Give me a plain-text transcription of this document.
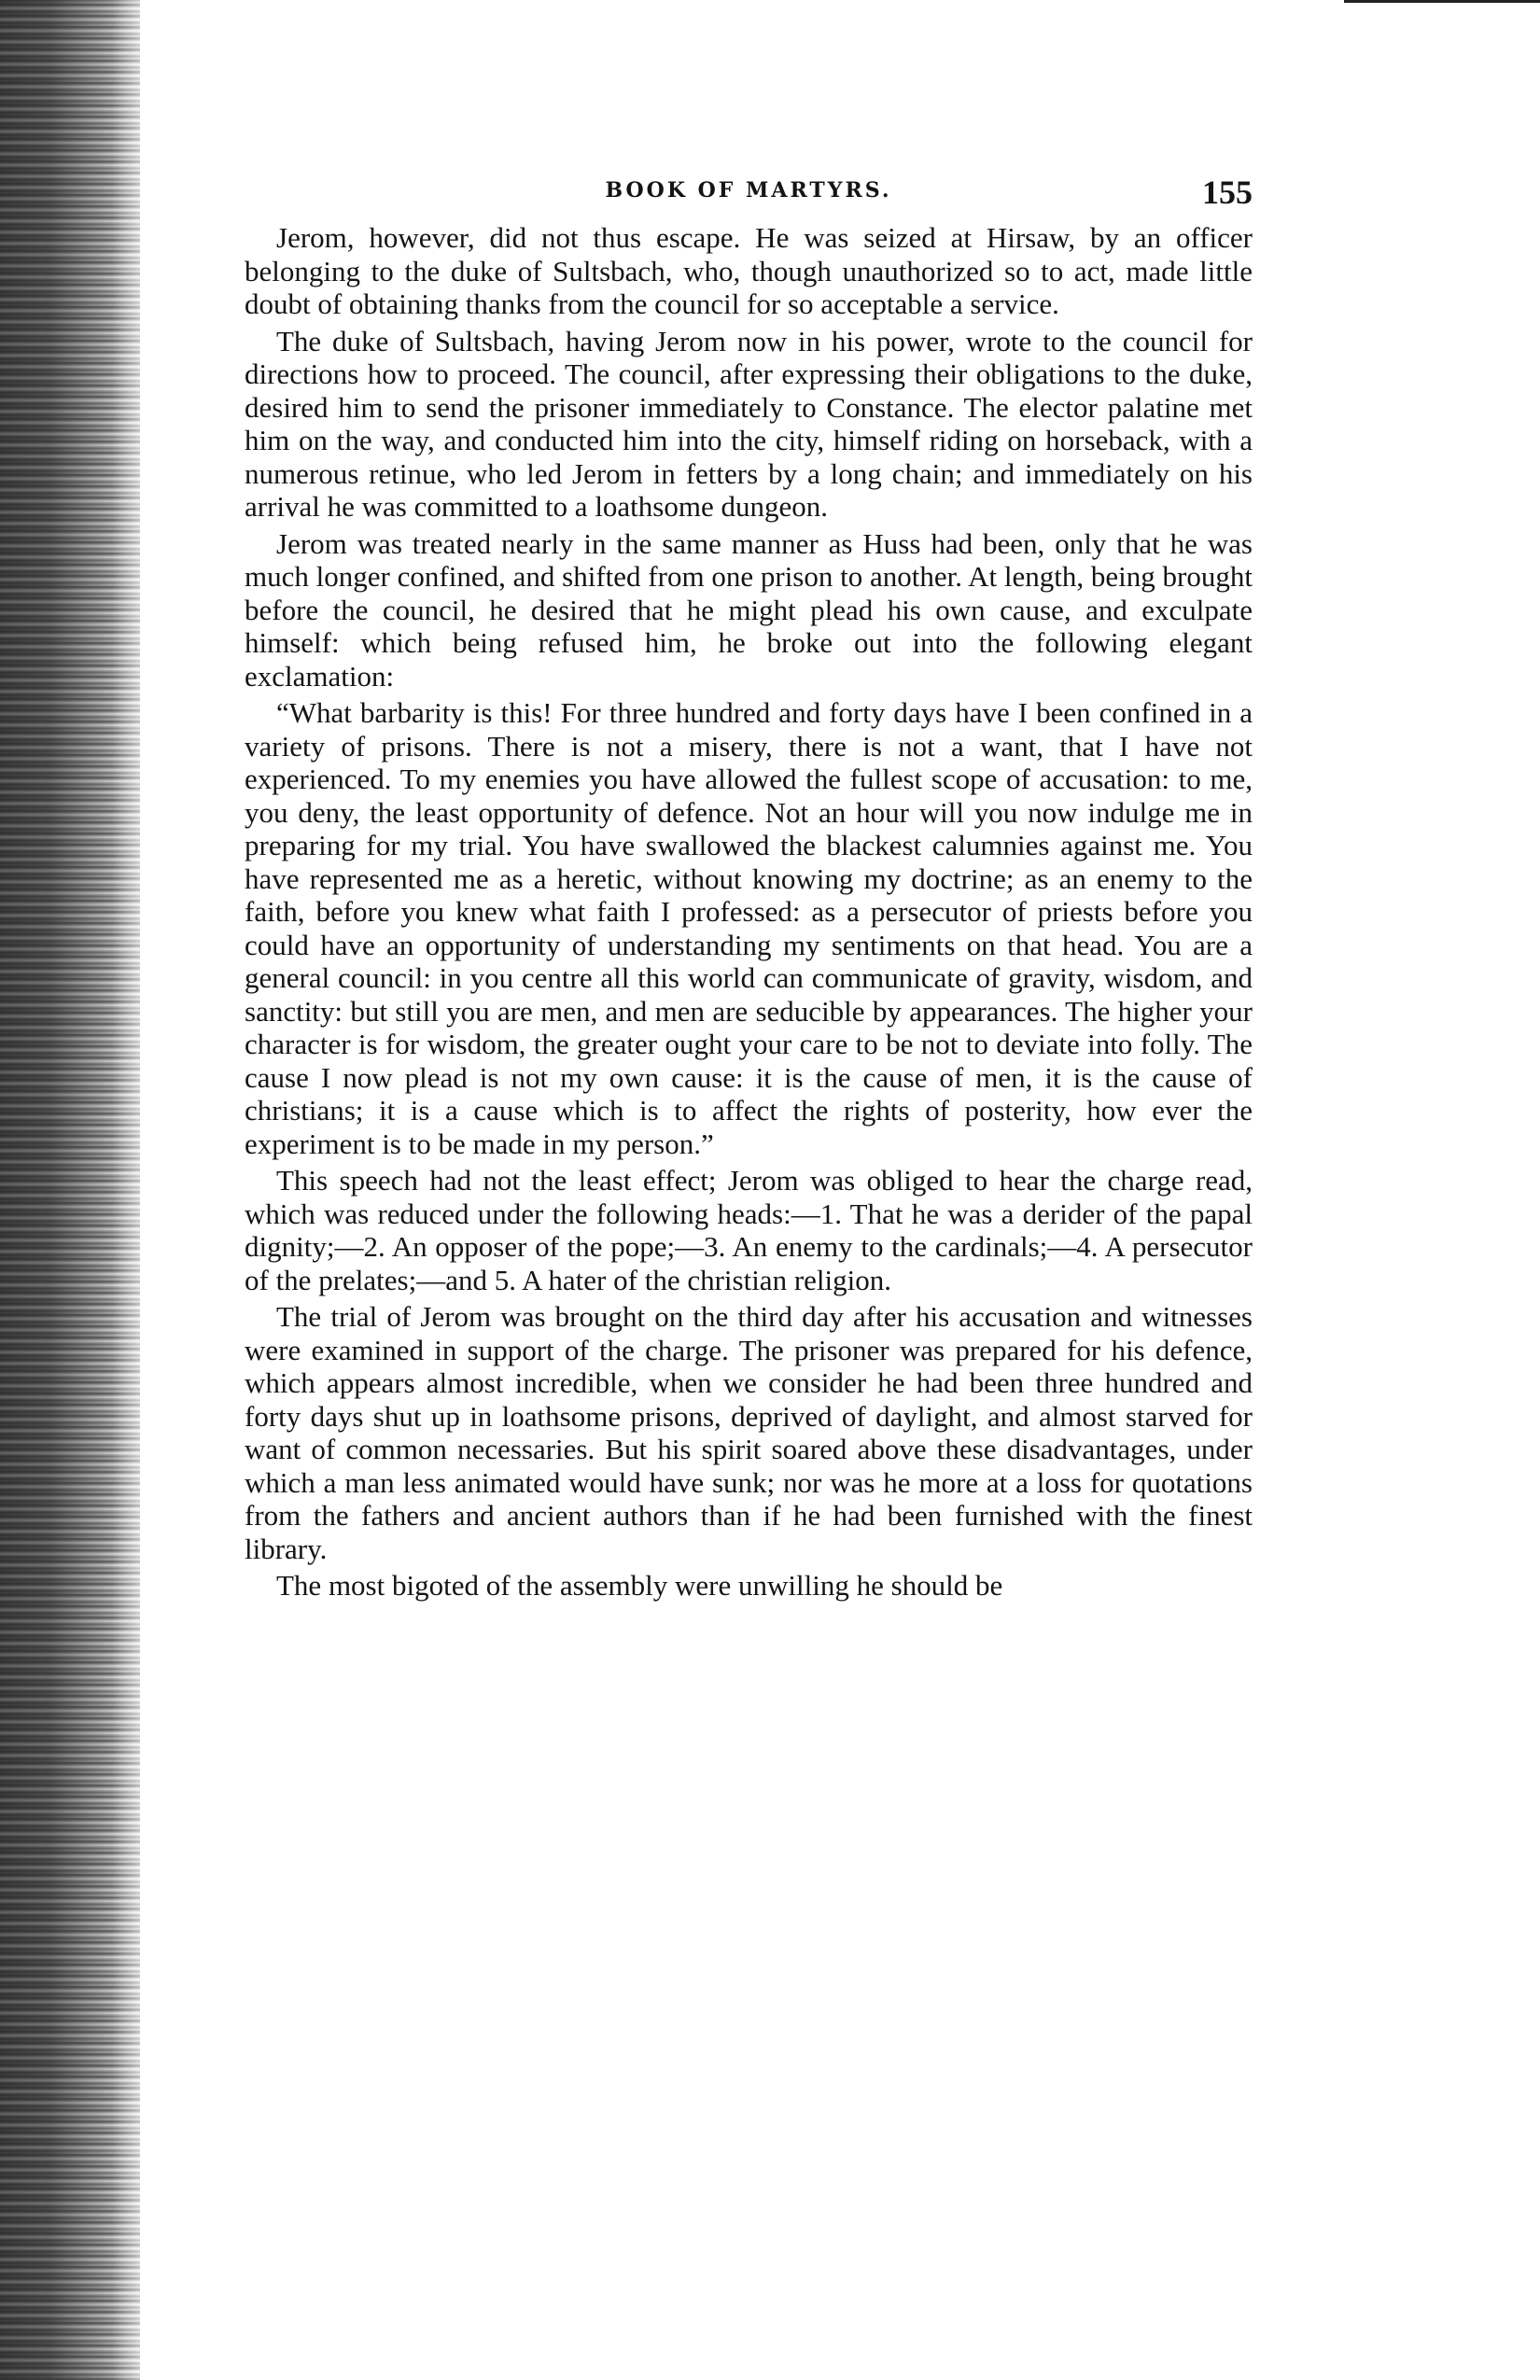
BOOK OF MARTYRS.	155

Jerom, however, did not thus escape. He was seized at Hirsaw, by an officer belonging to the duke of Sultsbach, who, though unauthorized so to act, made little doubt of obtaining thanks from the council for so acceptable a service.

The duke of Sultsbach, having Jerom now in his power, wrote to the council for directions how to proceed. The council, after expressing their obligations to the duke, desired him to send the prisoner immediately to Constance. The elector palatine met him on the way, and conducted him into the city, himself riding on horseback, with a numerous retinue, who led Jerom in fetters by a long chain; and immediately on his arrival he was committed to a loathsome dungeon.

Jerom was treated nearly in the same manner as Huss had been, only that he was much longer confined, and shifted from one prison to another. At length, being brought before the council, he desired that he might plead his own cause, and exculpate himself: which being refused him, he broke out into the following elegant exclamation:

“What barbarity is this! For three hundred and forty days have I been confined in a variety of prisons. There is not a misery, there is not a want, that I have not experienced. To my enemies you have allowed the fullest scope of accusation: to me, you deny, the least opportunity of defence. Not an hour will you now indulge me in preparing for my trial. You have swallowed the blackest calumnies against me. You have represented me as a heretic, without knowing my doctrine; as an enemy to the faith, before you knew what faith I professed: as a persecutor of priests before you could have an opportunity of understanding my sentiments on that head. You are a general council: in you centre all this world can communicate of gravity, wisdom, and sanctity: but still you are men, and men are seducible by appearances. The higher your character is for wisdom, the greater ought your care to be not to deviate into folly. The cause I now plead is not my own cause: it is the cause of men, it is the cause of christians; it is a cause which is to affect the rights of posterity, how ever the experiment is to be made in my person.”

This speech had not the least effect; Jerom was obliged to hear the charge read, which was reduced under the following heads:—1. That he was a derider of the papal dignity;—2. An opposer of the pope;—3. An enemy to the cardinals;—4. A persecutor of the prelates;—and 5. A hater of the christian religion.

The trial of Jerom was brought on the third day after his accusation and witnesses were examined in support of the charge. The prisoner was prepared for his defence, which appears almost incredible, when we consider he had been three hundred and forty days shut up in loathsome prisons, deprived of daylight, and almost starved for want of common necessaries. But his spirit soared above these disadvantages, under which a man less animated would have sunk; nor was he more at a loss for quotations from the fathers and ancient authors than if he had been furnished with the finest library.

The most bigoted of the assembly were unwilling he should be
